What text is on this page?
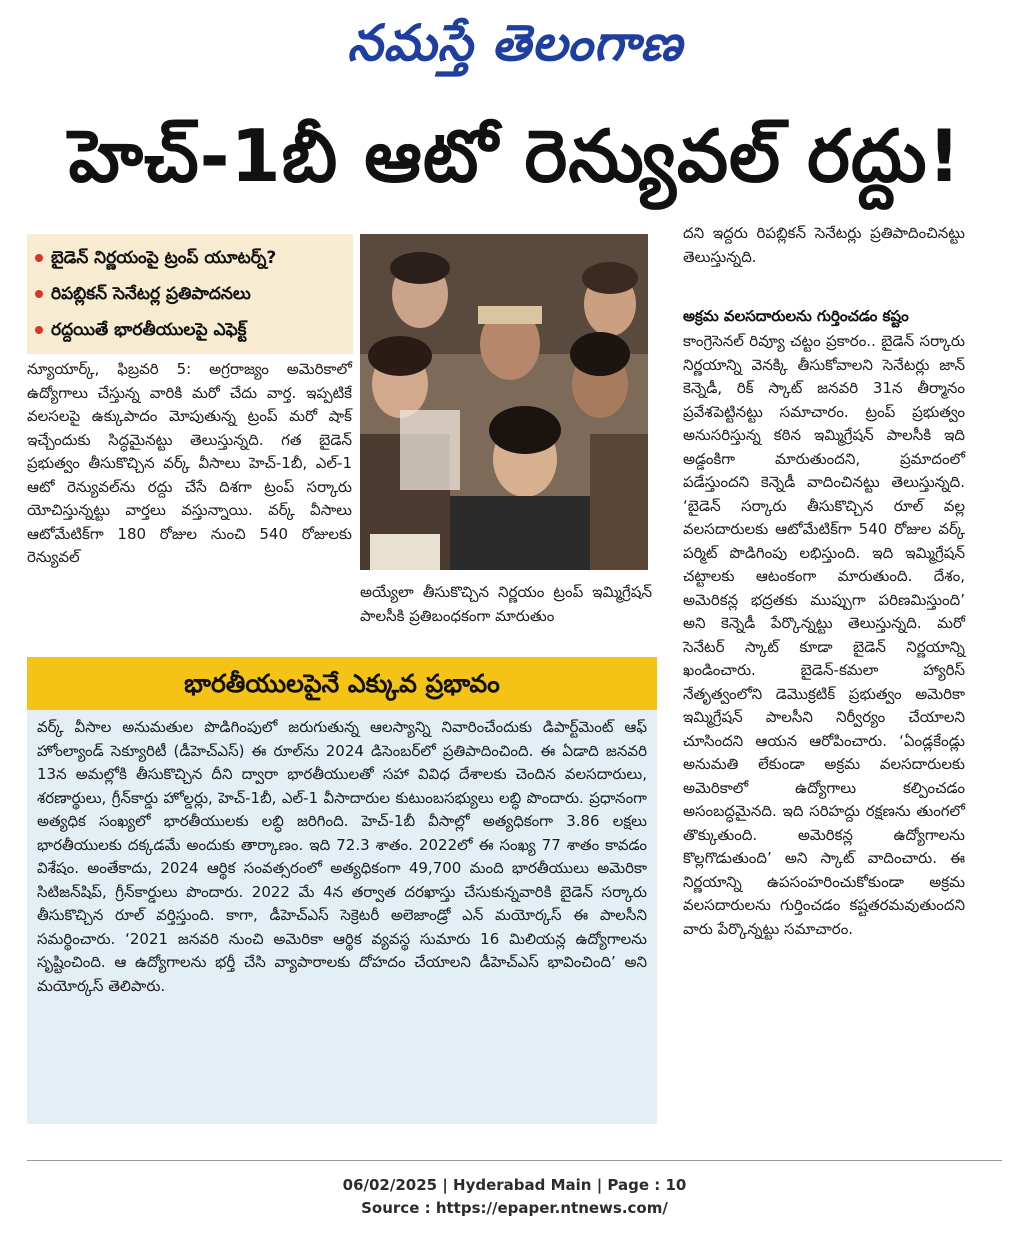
నమస్తే తెలంగాణ
హెచ్-1బీ ఆటో రెన్యువల్ రద్దు!
బైడెన్ నిర్ణయంపై ట్రంప్ యూటర్న్?
రిపబ్లికన్ సెనేటర్ల ప్రతిపాదనలు
రద్దయితే భారతీయులపై ఎఫెక్ట్

న్యూయార్క్, ఫిబ్రవరి 5: అగ్రరాజ్యం అమెరికాలో ఉద్యోగాలు చేస్తున్న వారికి మరో చేదు వార్త. ఇప్పటికే వలసలపై ఉక్కుపాదం మోపుతున్న ట్రంప్ మరో షాక్ ఇచ్చేందుకు సిద్ధమైనట్టు తెలుస్తున్నది. గత బైడెన్ ప్రభుత్వం తీసుకొచ్చిన వర్క్ వీసాలు హెచ్-1బీ, ఎల్-1 ఆటో రెన్యువల్‌ను రద్దు చేసే దిశగా ట్రంప్ సర్కారు యోచిస్తున్నట్టు వార్తలు వస్తున్నాయి. వర్క్ వీసాలు ఆటోమేటిక్‌గా 180 రోజుల నుంచి 540 రోజులకు రెన్యువల్

అయ్యేలా తీసుకొచ్చిన నిర్ణయం ట్రంప్ ఇమ్మిగ్రేషన్ పాలసీకి ప్రతిబంధకంగా మారుతుం

దని ఇద్దరు రిపబ్లికన్ సెనేటర్లు ప్రతిపాదించినట్టు తెలుస్తున్నది.

అక్రమ వలసదారులను గుర్తించడం కష్టం

కాంగ్రెసెనల్ రివ్యూ చట్టం ప్రకారం.. బైడెన్ సర్కారు నిర్ణయాన్ని వెనక్కి తీసుకోవాలని సెనేటర్లు జాన్ కెన్నెడీ, రిక్ స్కాట్ జనవరి 31న తీర్మానం ప్రవేశపెట్టినట్టు సమాచారం. ట్రంప్ ప్రభుత్వం అనుసరిస్తున్న కఠిన ఇమ్మిగ్రేషన్ పాలసీకి ఇది అడ్డంకిగా మారుతుందని, ప్రమాదంలో పడేస్తుందని కెన్నెడీ వాదించినట్టు తెలుస్తున్నది. ‘బైడెన్ సర్కారు తీసుకొచ్చిన రూల్ వల్ల వలసదారులకు ఆటోమేటిక్‌గా 540 రోజుల వర్క్ పర్మిట్ పొడిగింపు లభిస్తుంది. ఇది ఇమ్మిగ్రేషన్ చట్టాలకు ఆటంకంగా మారుతుంది. దేశం, అమెరికన్ల భద్రతకు ముప్పుగా పరిణమిస్తుంది’ అని కెన్నెడీ పేర్కొన్నట్టు తెలుస్తున్నది. మరో సెనేటర్ స్కాట్ కూడా బైడెన్ నిర్ణయాన్ని ఖండించారు. బైడెన్-కమలా హ్యారిస్ నేతృత్వంలోని డెమొక్రటిక్ ప్రభుత్వం అమెరికా ఇమ్మిగ్రేషన్ పాలసీని నిర్వీర్యం చేయాలని చూసిందని ఆయన ఆరోపించారు. ‘ఏండ్లకేండ్లు అనుమతి లేకుండా అక్రమ వలసదారులకు అమెరికాలో ఉద్యోగాలు కల్పించడం అసంబద్ధమైనది. ఇది సరిహద్దు రక్షణను తుంగలో తొక్కుతుంది. అమెరికన్ల ఉద్యోగాలను కొల్లగొడుతుంది’ అని స్కాట్ వాదించారు. ఈ నిర్ణయాన్ని ఉపసంహరించుకోకుండా అక్రమ వలసదారులను గుర్తించడం కష్టతరమవుతుందని వారు పేర్కొన్నట్టు సమాచారం.

భారతీయులపైనే ఎక్కువ ప్రభావం
వర్క్ వీసాల అనుమతుల పొడిగింపులో జరుగుతున్న ఆలస్యాన్ని నివారించేందుకు డిపార్ట్‌మెంట్ ఆఫ్ హోంల్యాండ్ సెక్యూరిటీ (డీహెచ్‌ఎస్) ఈ రూల్‌ను 2024 డిసెంబర్‌లో ప్రతిపాదించింది. ఈ ఏడాది జనవరి 13న అమల్లోకి తీసుకొచ్చిన దీని ద్వారా భారతీయులతో సహా వివిధ దేశాలకు చెందిన వలసదారులు, శరణార్థులు, గ్రీన్‌కార్డు హోల్డర్లు, హెచ్-1బీ, ఎల్-1 వీసాదారుల కుటుంబసభ్యులు లబ్ధి పొందారు. ప్రధానంగా అత్యధిక సంఖ్యలో భారతీయులకు లబ్ధి జరిగింది. హెచ్-1బీ వీసాల్లో అత్యధికంగా 3.86 లక్షలు భారతీయులకు దక్కడమే అందుకు తార్కాణం. ఇది 72.3 శాతం. 2022లో ఈ సంఖ్య 77 శాతం కావడం విశేషం. అంతేకాదు, 2024 ఆర్థిక సంవత్సరంలో అత్యధికంగా 49,700 మంది భారతీయులు అమెరికా సిటిజన్‌షిప్, గ్రీన్‌కార్డులు పొందారు. 2022 మే 4న తర్వాత దరఖాస్తు చేసుకున్నవారికి బైడెన్ సర్కారు తీసుకొచ్చిన రూల్ వర్తిస్తుంది. కాగా, డీహెచ్‌ఎస్ సెక్రెటరీ అలెజాండ్రో ఎన్ మయోర్కస్ ఈ పాలసీని సమర్థించారు. ‘2021 జనవరి నుంచి అమెరికా ఆర్థిక వ్యవస్థ సుమారు 16 మిలియన్ల ఉద్యోగాలను సృష్టించింది. ఆ ఉద్యోగాలను భర్తీ చేసి వ్యాపారాలకు దోహదం చేయాలని డీహెచ్‌ఎస్ భావించింది’ అని మయోర్కస్ తెలిపారు.
06/02/2025 | Hyderabad Main | Page : 10
Source : https://epaper.ntnews.com/
